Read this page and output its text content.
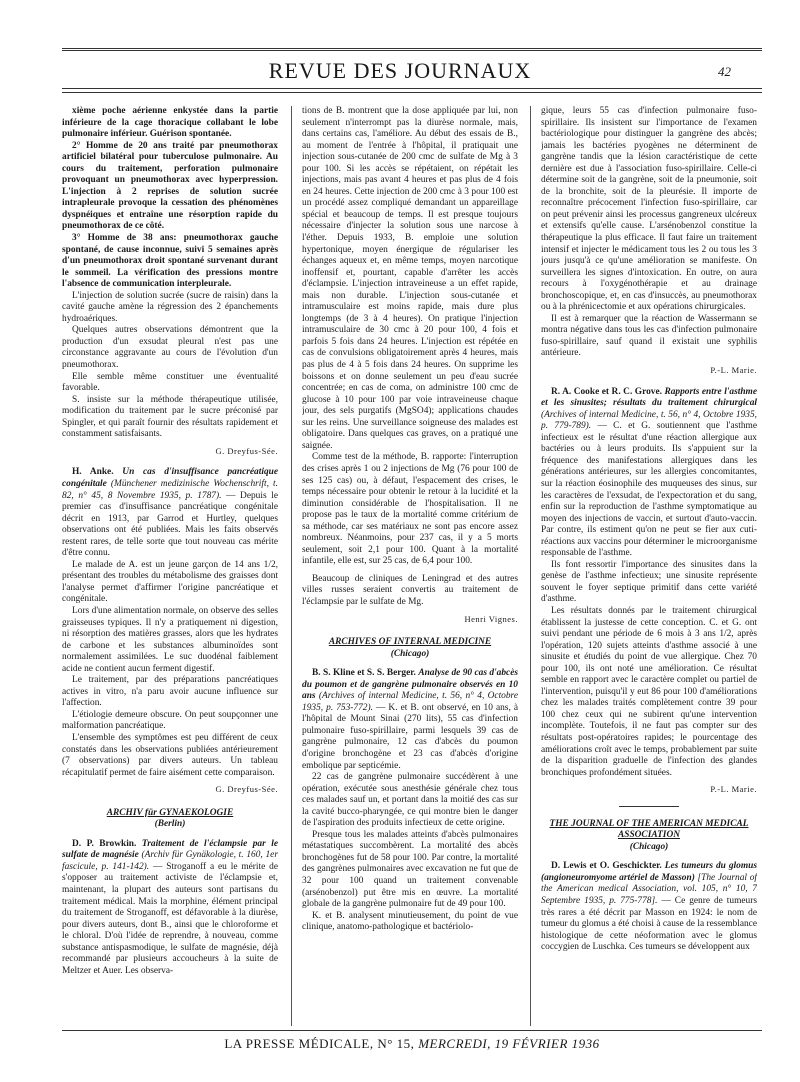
REVUE DES JOURNAUX	42

xième poche aérienne enkystée dans la partie inférieure de la cage thoracique collabant le lobe pulmonaire inférieur. Guérison spontanée.

2° Homme de 20 ans traité par pneumothorax artificiel bilatéral pour tuberculose pulmonaire. Au cours du traitement, perforation pulmonaire provoquant un pneumothorax avec hyperpression. L'injection à 2 reprises de solution sucrée intrapleurale provoque la cessation des phénomènes dyspnéiques et entraîne une résorption rapide du pneumothorax de ce côté.

3° Homme de 38 ans: pneumothorax gauche spontané, de cause inconnue, suivi 5 semaines après d'un pneumothorax droit spontané survenant durant le sommeil. La vérification des pressions montre l'absence de communication interpleurale.

L'injection de solution sucrée (sucre de raisin) dans la cavité gauche amène la régression des 2 épanchements hydroaériques.

Quelques autres observations démontrent que la production d'un exsudat pleural n'est pas une circonstance aggravante au cours de l'évolution d'un pneumothorax.

Elle semble même constituer une éventualité favorable.

S. insiste sur la méthode thérapeutique utilisée, modification du traitement par le sucre préconisé par Spingler, et qui paraît fournir des résultats rapidement et constamment satisfaisants.

G. Dreyfus-Sée.

H. Anke. Un cas d'insuffisance pancréatique congénitale (Münchener medizinische Wochenschrift, t. 82, n° 45, 8 Novembre 1935, p. 1787). — Depuis le premier cas d'insuffisance pancréatique congénitale décrit en 1913, par Garrod et Hurtley, quelques observations ont été publiées. Mais les faits observés restent rares, de telle sorte que tout nouveau cas mérite d'être connu.

Le malade de A. est un jeune garçon de 14 ans 1/2, présentant des troubles du métabolisme des graisses dont l'analyse permet d'affirmer l'origine pancréatique et congénitale.

Lors d'une alimentation normale, on observe des selles graisseuses typiques. Il n'y a pratiquement ni digestion, ni résorption des matières grasses, alors que les hydrates de carbone et les substances albuminoïdes sont normalement assimilées. Le suc duodénal faiblement acide ne contient aucun ferment digestif.

Le traitement, par des préparations pancréatiques actives in vitro, n'a paru avoir aucune influence sur l'affection.

L'étiologie demeure obscure. On peut soupçonner une malformation pancréatique.

L'ensemble des symptômes est peu différent de ceux constatés dans les observations publiées antérieurement (7 observations) par divers auteurs. Un tableau récapitulatif permet de faire aisément cette comparaison.

G. Dreyfus-Sée.
ARCHIV für GYNAEKOLOGIE
(Berlin)

D. P. Browkin. Traitement de l'éclampsie par le sulfate de magnésie (Archiv für Gynäkologie, t. 160, 1er fascicule, p. 141-142). — Stroganoff a eu le mérite de s'opposer au traitement activiste de l'éclampsie et, maintenant, la plupart des auteurs sont partisans du traitement médical. Mais la morphine, élément principal du traitement de Stroganoff, est défavorable à la diurèse, pour divers auteurs, dont B., ainsi que le chloroforme et le chloral. D'où l'idée de reprendre, à nouveau, comme substance antispasmodique, le sulfate de magnésie, déjà recommandé par plusieurs accoucheurs à la suite de Meltzer et Auer. Les observa-

tions de B. montrent que la dose appliquée par lui, non seulement n'interrompt pas la diurèse normale, mais, dans certains cas, l'améliore. Au début des essais de B., au moment de l'entrée à l'hôpital, il pratiquait une injection sous-cutanée de 200 cmc de sulfate de Mg à 3 pour 100. Si les accès se répétaient, on répétait les injections, mais pas avant 4 heures et pas plus de 4 fois en 24 heures. Cette injection de 200 cmc à 3 pour 100 est un procédé assez compliqué demandant un appareillage spécial et beaucoup de temps. Il est presque toujours nécessaire d'injecter la solution sous une narcose à l'éther. Depuis 1933, B. emploie une solution hypertonique, moyen énergique de régulariser les échanges aqueux et, en même temps, moyen narcotique inoffensif et, pourtant, capable d'arrêter les accès d'éclampsie. L'injection intraveineuse a un effet rapide, mais non durable. L'injection sous-cutanée et intramusculaire est moins rapide, mais dure plus longtemps (de 3 à 4 heures). On pratique l'injection intramusculaire de 30 cmc à 20 pour 100, 4 fois et parfois 5 fois dans 24 heures. L'injection est répétée en cas de convulsions obligatoirement après 4 heures, mais pas plus de 4 à 5 fois dans 24 heures. On supprime les boissons et on donne seulement un peu d'eau sucrée concentrée; en cas de coma, on administre 100 cmc de glucose à 10 pour 100 par voie intraveineuse chaque jour, des sels purgatifs (MgSO4); applications chaudes sur les reins. Une surveillance soigneuse des malades est obligatoire. Dans quelques cas graves, on a pratiqué une saignée.

Comme test de la méthode, B. rapporte: l'interruption des crises après 1 ou 2 injections de Mg (76 pour 100 de ses 125 cas) ou, à défaut, l'espacement des crises, le temps nécessaire pour obtenir le retour à la lucidité et la diminution considérable de l'hospitalisation. Il ne propose pas le taux de la mortalité comme critérium de sa méthode, car ses matériaux ne sont pas encore assez nombreux. Néanmoins, pour 237 cas, il y a 5 morts seulement, soit 2,1 pour 100. Quant à la mortalité infantile, elle est, sur 25 cas, de 6,4 pour 100.

Beaucoup de cliniques de Leningrad et des autres villes russes seraient convertis au traitement de l'éclampsie par le sulfate de Mg.

Henri Vignes.
ARCHIVES OF INTERNAL MEDICINE
(Chicago)

B. S. Kline et S. S. Berger. Analyse de 90 cas d'abcès du poumon et de gangrène pulmonaire observés en 10 ans (Archives of internal Medicine, t. 56, n° 4, Octobre 1935, p. 753-772). — K. et B. ont observé, en 10 ans, à l'hôpital de Mount Sinai (270 lits), 55 cas d'infection pulmonaire fuso-spirillaire, parmi lesquels 39 cas de gangrène pulmonaire, 12 cas d'abcès du poumon d'origine bronchogène et 23 cas d'abcès d'origine embolique par septicémie.

22 cas de gangrène pulmonaire succédèrent à une opération, exécutée sous anesthésie générale chez tous ces malades sauf un, et portant dans la moitié des cas sur la cavité bucco-pharyngée, ce qui montre bien le danger de l'aspiration des produits infectieux de cette origine.

Presque tous les malades atteints d'abcès pulmonaires métastatiques succombèrent. La mortalité des abcès bronchogènes fut de 58 pour 100. Par contre, la mortalité des gangrènes pulmonaires avec excavation ne fut que de 32 pour 100 quand un traitement convenable (arsénobenzol) put être mis en œuvre. La mortalité globale de la gangrène pulmonaire fut de 49 pour 100.

K. et B. analysent minutieusement, du point de vue clinique, anatomo-pathologique et bactériolo-

gique, leurs 55 cas d'infection pulmonaire fuso-spirillaire. Ils insistent sur l'importance de l'examen bactériologique pour distinguer la gangrène des abcès; jamais les bactéries pyogènes ne déterminent de gangrène tandis que la lésion caractéristique de cette dernière est due à l'association fuso-spirillaire. Celle-ci détermine soit de la gangrène, soit de la pneumonie, soit de la bronchite, soit de la pleurésie. Il importe de reconnaître précocement l'infection fuso-spirillaire, car on peut prévenir ainsi les processus gangreneux ulcéreux et extensifs qu'elle cause. L'arsénobenzol constitue la thérapeutique la plus efficace. Il faut faire un traitement intensif et injecter le médicament tous les 2 ou tous les 3 jours jusqu'à ce qu'une amélioration se manifeste. On surveillera les signes d'intoxication. En outre, on aura recours à l'oxygénothérapie et au drainage bronchoscopique, et, en cas d'insuccès, au pneumothorax ou à la phrénicectomie et aux opérations chirurgicales.

Il est à remarquer que la réaction de Wassermann se montra négative dans tous les cas d'infection pulmonaire fuso-spirillaire, sauf quand il existait une syphilis antérieure.

P.-L. Marie.

R. A. Cooke et R. C. Grove. Rapports entre l'asthme et les sinusites; résultats du traitement chirurgical (Archives of internal Medicine, t. 56, n° 4, Octobre 1935, p. 779-789). — C. et G. soutiennent que l'asthme infectieux est le résultat d'une réaction allergique aux bactéries ou à leurs produits. Ils s'appuient sur la fréquence des manifestations allergiques dans les générations antérieures, sur les allergies concomitantes, sur la réaction éosinophile des muqueuses des sinus, sur les caractères de l'exsudat, de l'expectoration et du sang, enfin sur la reproduction de l'asthme symptomatique au moyen des injections de vaccin, et surtout d'auto-vaccin. Par contre, ils estiment qu'on ne peut se fier aux cuti-réactions aux vaccins pour déterminer le microorganisme responsable de l'asthme.

Ils font ressortir l'importance des sinusites dans la genèse de l'asthme infectieux; une sinusite représente souvent le foyer septique primitif dans cette variété d'asthme.

Les résultats donnés par le traitement chirurgical établissent la justesse de cette conception. C. et G. ont suivi pendant une période de 6 mois à 3 ans 1/2, après l'opération, 120 sujets atteints d'asthme associé à une sinusite et étudiés du point de vue allergique. Chez 70 pour 100, ils ont noté une amélioration. Ce résultat semble en rapport avec le caractère complet ou partiel de l'intervention, puisqu'il y eut 86 pour 100 d'améliorations chez les malades traités complètement contre 39 pour 100 chez ceux qui ne subirent qu'une intervention incomplète. Toutefois, il ne faut pas compter sur des résultats post-opératoires rapides; le pourcentage des améliorations croît avec le temps, probablement par suite de la disparition graduelle de l'infection des glandes bronchiques profondément situées.

P.-L. Marie.
THE JOURNAL OF THE AMERICAN MEDICAL ASSOCIATION
(Chicago)

D. Lewis et O. Geschickter. Les tumeurs du glomus (angioneuromyome artériel de Masson) [The Journal of the American medical Association, vol. 105, n° 10, 7 Septembre 1935, p. 775-778]. — Ce genre de tumeurs très rares a été décrit par Masson en 1924: le nom de tumeur du glomus a été choisi à cause de la ressemblance histologique de cette néoformation avec le glomus coccygien de Luschka. Ces tumeurs se développent aux

LA PRESSE MÉDICALE, N° 15, MERCREDI, 19 FÉVRIER 1936
